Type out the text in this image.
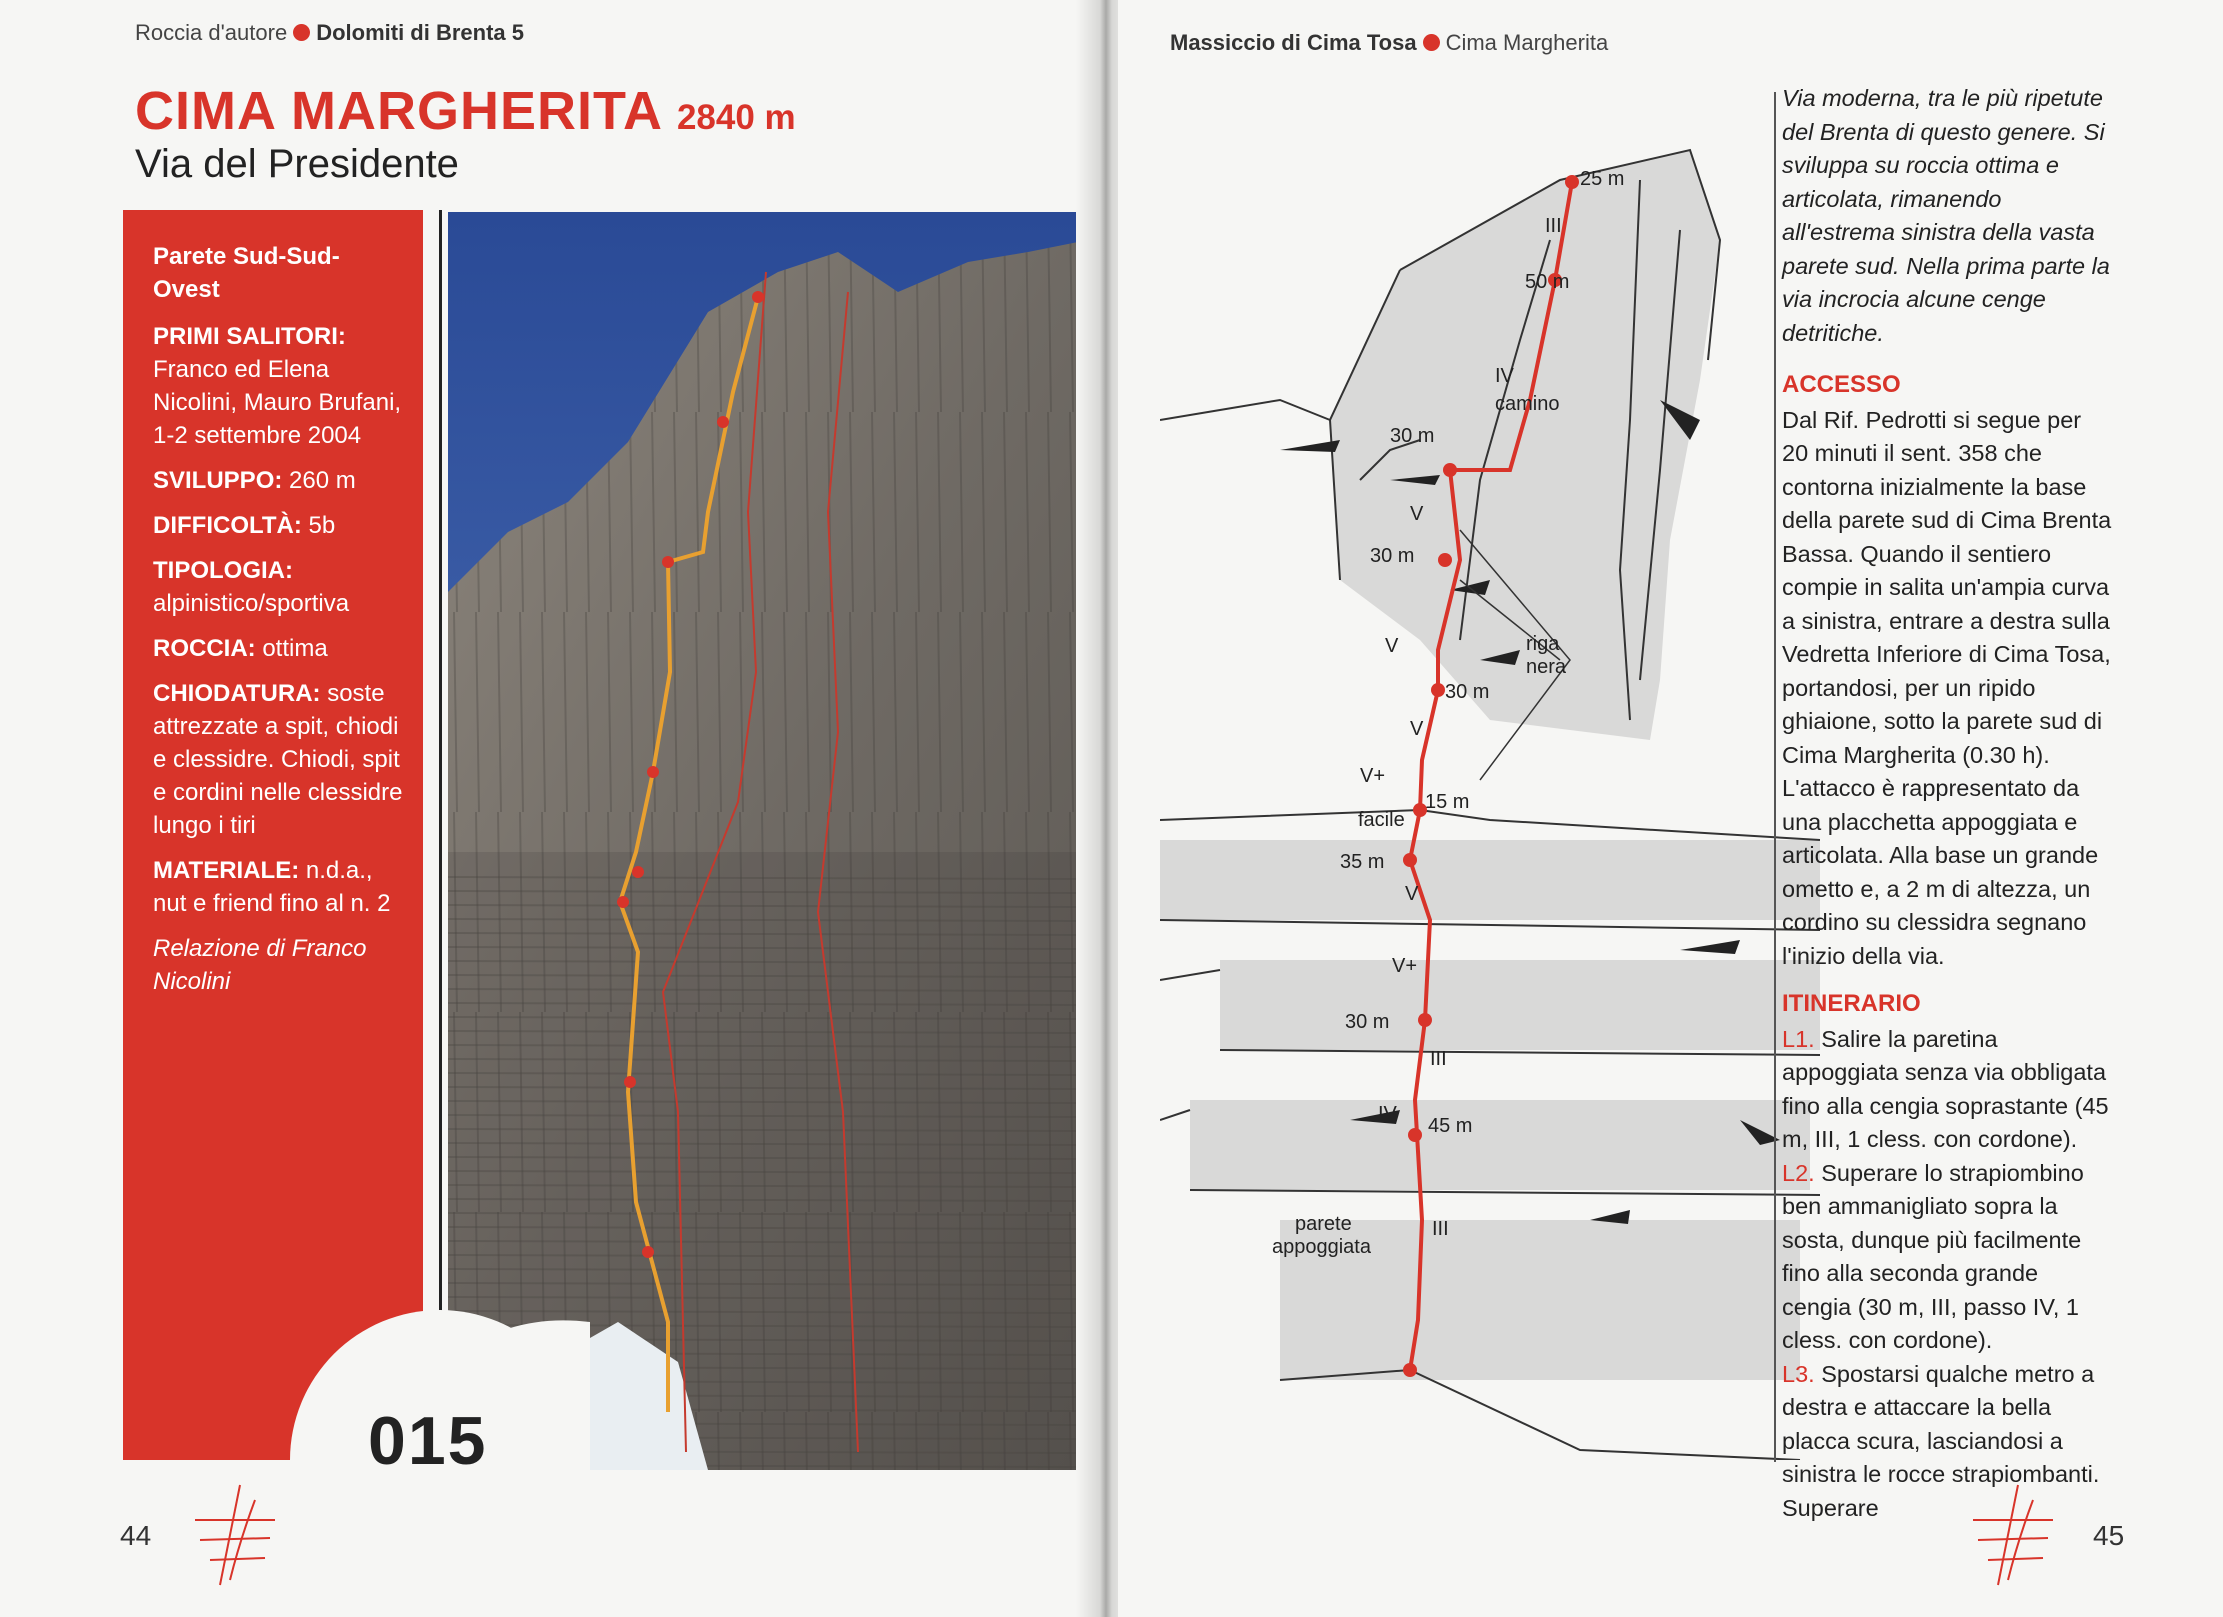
Roccia d'autore Dolomiti di Brenta 5
CIMA MARGHERITA 2840 m
Via del Presidente

Parete Sud-Sud-Ovest

PRIMI SALITORI:
Franco ed Elena Nicolini, Mauro Brufani, 1-2 settembre 2004

SVILUPPO: 260 m

DIFFICOLTÀ: 5b

TIPOLOGIA:
alpinistico/sportiva

ROCCIA: ottima

CHIODATURA: soste attrezzate a spit, chiodi e clessidre. Chiodi, spit e cordini nelle clessidre lungo i tiri

MATERIALE: n.d.a., nut e friend fino al n. 2

Relazione di Franco Nicolini

015
44
Massiccio di Cima Tosa Cima Margherita
25 m
III
50 m
IV
camino
30 m
V
30 m
riga
nera
V
30 m
V
V+
15 m
facile
35 m
V
V+
30 m
III
IV
45 m
parete
appoggiata
III

Via moderna, tra le più ripetute del Brenta di questo genere. Si sviluppa su roccia ottima e articolata, rimanendo all'estrema sinistra della vasta parete sud. Nella prima parte la via incrocia alcune cenge detritiche.

ACCESSO

Dal Rif. Pedrotti si segue per 20 minuti il sent. 358 che contorna inizialmente la base della parete sud di Cima Brenta Bassa. Quando il sentiero compie in salita un'ampia curva a sinistra, entrare a destra sulla Vedretta Inferiore di Cima Tosa, portandosi, per un ripido ghiaione, sotto la parete sud di Cima Margherita (0.30 h). L'attacco è rappresentato da una placchetta appoggiata e articolata. Alla base un grande ometto e, a 2 m di altezza, un cordino su clessidra segnano l'inizio della via.

ITINERARIO

L1. Salire la paretina appoggiata senza via obbligata fino alla cengia soprastante (45 m, III, 1 cless. con cordone).

L2. Superare lo strapiombino ben ammanigliato sopra la sosta, dunque più facilmente fino alla seconda grande cengia (30 m, III, passo IV, 1 cless. con cordone).

L3. Spostarsi qualche metro a destra e attaccare la bella placca scura, lasciandosi a sinistra le rocce strapiombanti. Superare

45
